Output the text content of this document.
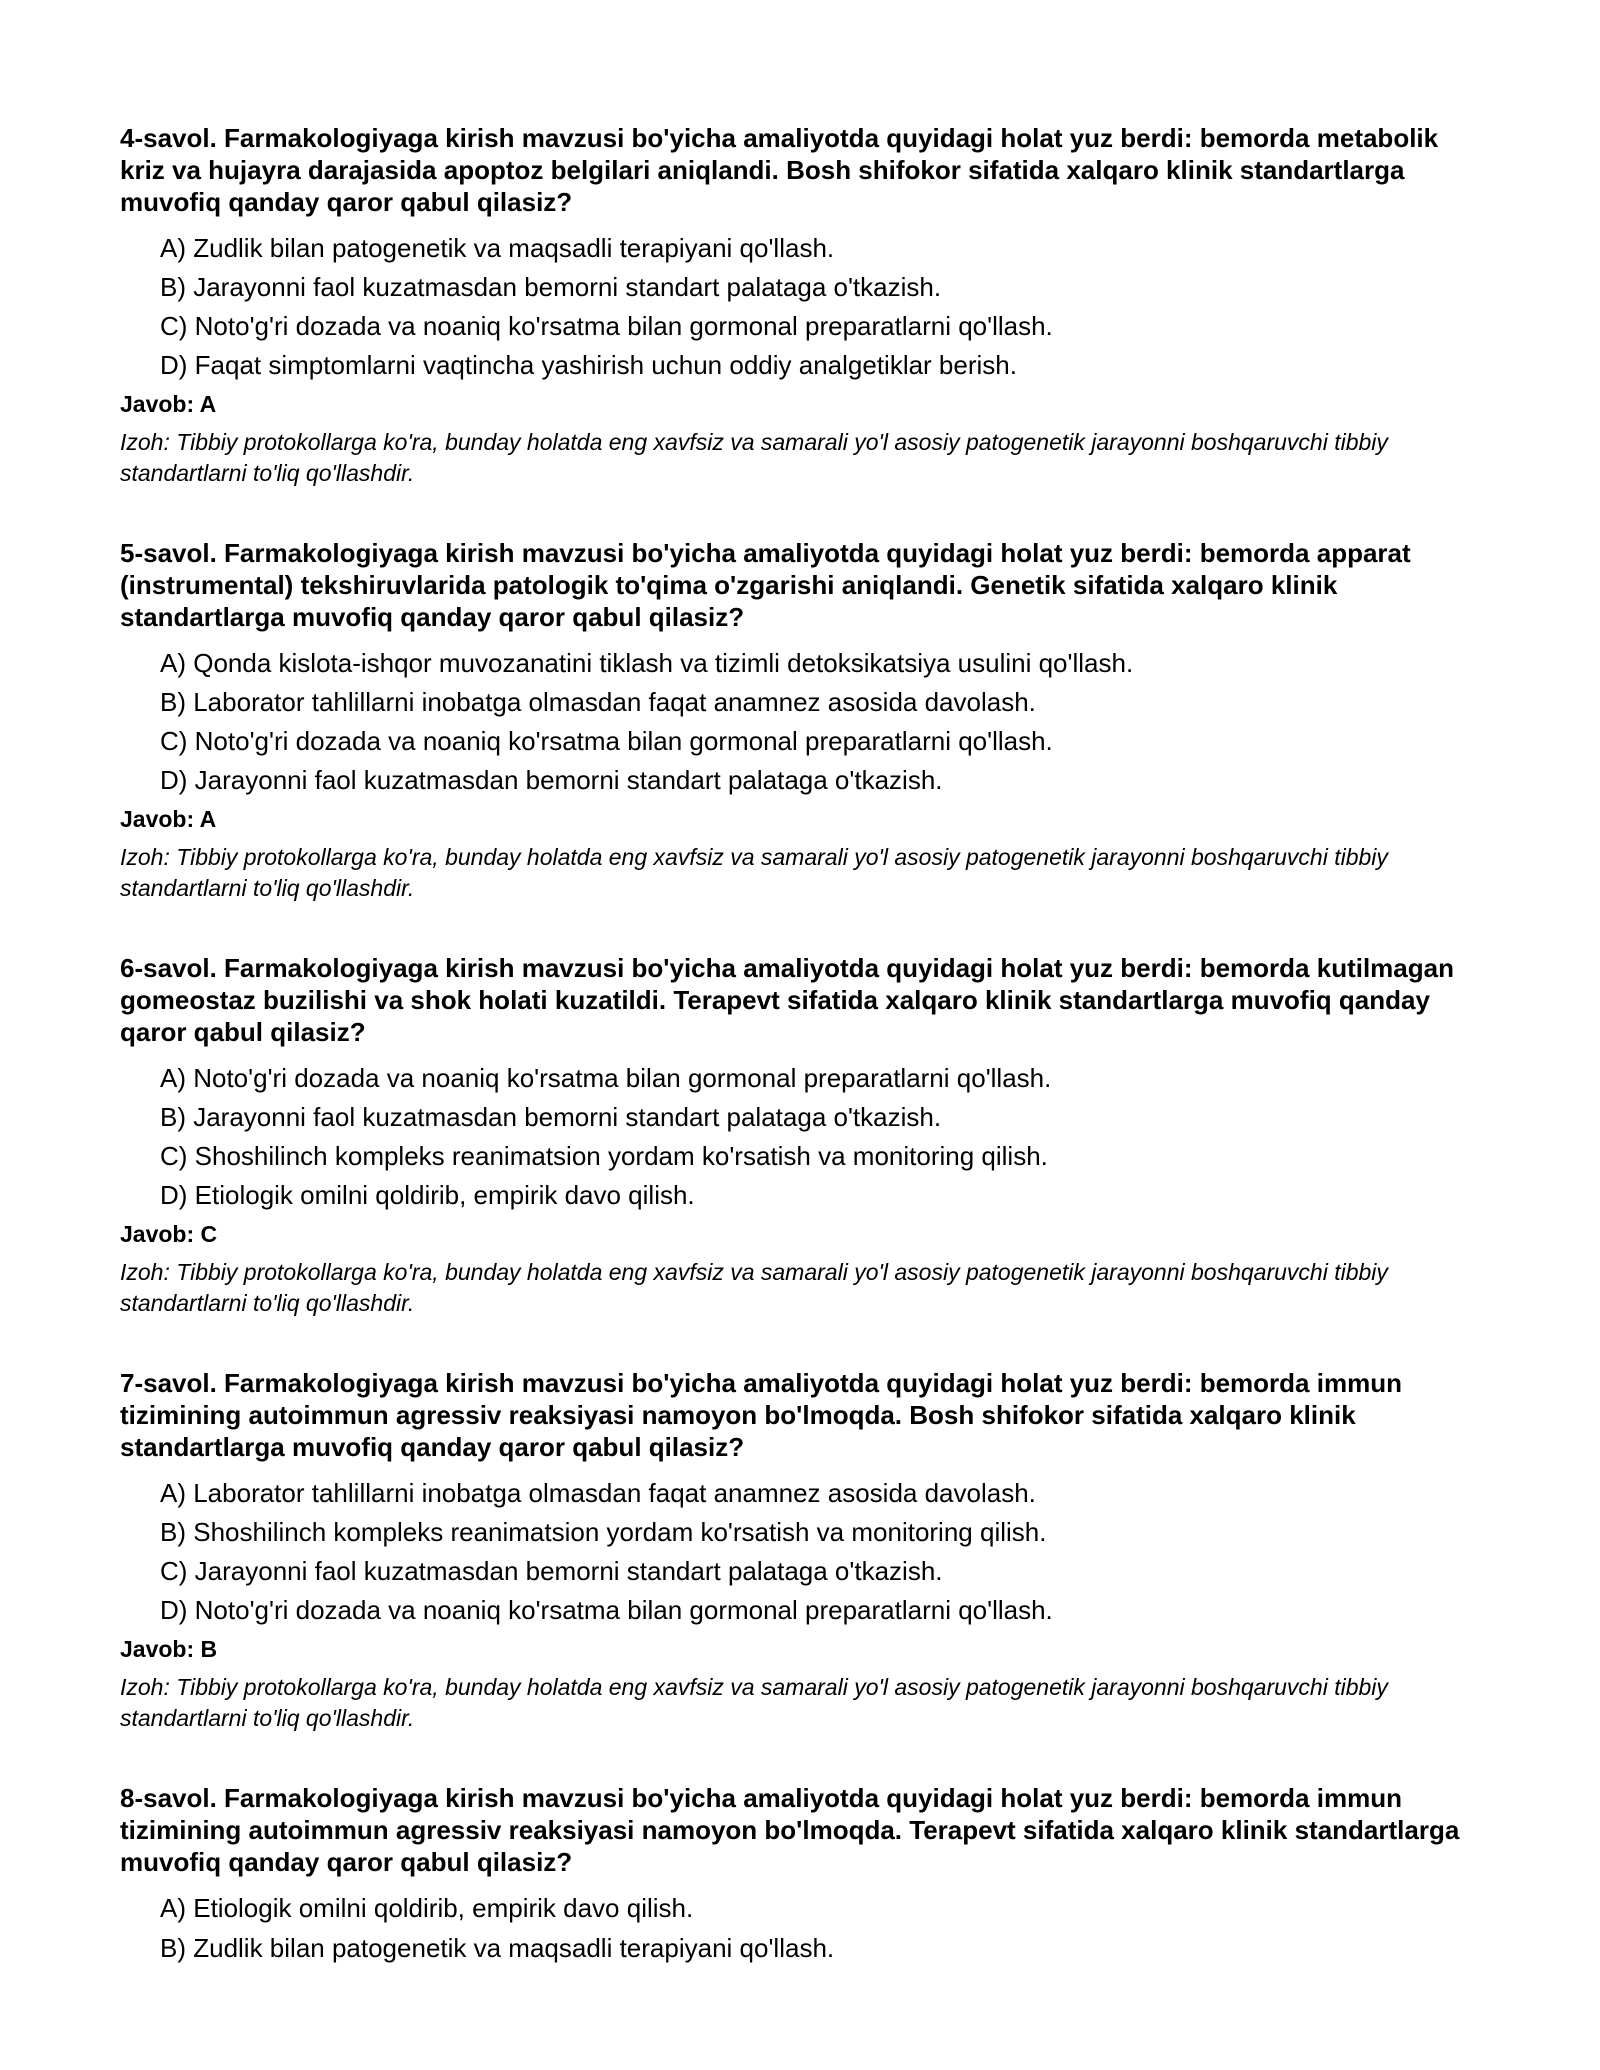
4-savol. Farmakologiyaga kirish mavzusi bo'yicha amaliyotda quyidagi holat yuz berdi: bemorda metabolik kriz va hujayra darajasida apoptoz belgilari aniqlandi. Bosh shifokor sifatida xalqaro klinik standartlarga muvofiq qanday qaror qabul qilasiz?

A) Zudlik bilan patogenetik va maqsadli terapiyani qo'llash.
B) Jarayonni faol kuzatmasdan bemorni standart palataga o'tkazish.
C) Noto'g'ri dozada va noaniq ko'rsatma bilan gormonal preparatlarni qo'llash.
D) Faqat simptomlarni vaqtincha yashirish uchun oddiy analgetiklar berish.

Javob: A

Izoh: Tibbiy protokollarga ko'ra, bunday holatda eng xavfsiz va samarali yo'l asosiy patogenetik jarayonni boshqaruvchi tibbiy standartlarni to'liq qo'llashdir.

5-savol. Farmakologiyaga kirish mavzusi bo'yicha amaliyotda quyidagi holat yuz berdi: bemorda apparat (instrumental) tekshiruvlarida patologik to'qima o'zgarishi aniqlandi. Genetik sifatida xalqaro klinik standartlarga muvofiq qanday qaror qabul qilasiz?

A) Qonda kislota-ishqor muvozanatini tiklash va tizimli detoksikatsiya usulini qo'llash.
B) Laborator tahlillarni inobatga olmasdan faqat anamnez asosida davolash.
C) Noto'g'ri dozada va noaniq ko'rsatma bilan gormonal preparatlarni qo'llash.
D) Jarayonni faol kuzatmasdan bemorni standart palataga o'tkazish.

Javob: A

Izoh: Tibbiy protokollarga ko'ra, bunday holatda eng xavfsiz va samarali yo'l asosiy patogenetik jarayonni boshqaruvchi tibbiy standartlarni to'liq qo'llashdir.

6-savol. Farmakologiyaga kirish mavzusi bo'yicha amaliyotda quyidagi holat yuz berdi: bemorda kutilmagan gomeostaz buzilishi va shok holati kuzatildi. Terapevt sifatida xalqaro klinik standartlarga muvofiq qanday qaror qabul qilasiz?

A) Noto'g'ri dozada va noaniq ko'rsatma bilan gormonal preparatlarni qo'llash.
B) Jarayonni faol kuzatmasdan bemorni standart palataga o'tkazish.
C) Shoshilinch kompleks reanimatsion yordam ko'rsatish va monitoring qilish.
D) Etiologik omilni qoldirib, empirik davo qilish.

Javob: C

Izoh: Tibbiy protokollarga ko'ra, bunday holatda eng xavfsiz va samarali yo'l asosiy patogenetik jarayonni boshqaruvchi tibbiy standartlarni to'liq qo'llashdir.

7-savol. Farmakologiyaga kirish mavzusi bo'yicha amaliyotda quyidagi holat yuz berdi: bemorda immun tizimining autoimmun agressiv reaksiyasi namoyon bo'lmoqda. Bosh shifokor sifatida xalqaro klinik standartlarga muvofiq qanday qaror qabul qilasiz?

A) Laborator tahlillarni inobatga olmasdan faqat anamnez asosida davolash.
B) Shoshilinch kompleks reanimatsion yordam ko'rsatish va monitoring qilish.
C) Jarayonni faol kuzatmasdan bemorni standart palataga o'tkazish.
D) Noto'g'ri dozada va noaniq ko'rsatma bilan gormonal preparatlarni qo'llash.

Javob: B

Izoh: Tibbiy protokollarga ko'ra, bunday holatda eng xavfsiz va samarali yo'l asosiy patogenetik jarayonni boshqaruvchi tibbiy standartlarni to'liq qo'llashdir.

8-savol. Farmakologiyaga kirish mavzusi bo'yicha amaliyotda quyidagi holat yuz berdi: bemorda immun tizimining autoimmun agressiv reaksiyasi namoyon bo'lmoqda. Terapevt sifatida xalqaro klinik standartlarga muvofiq qanday qaror qabul qilasiz?

A) Etiologik omilni qoldirib, empirik davo qilish.
B) Zudlik bilan patogenetik va maqsadli terapiyani qo'llash.
